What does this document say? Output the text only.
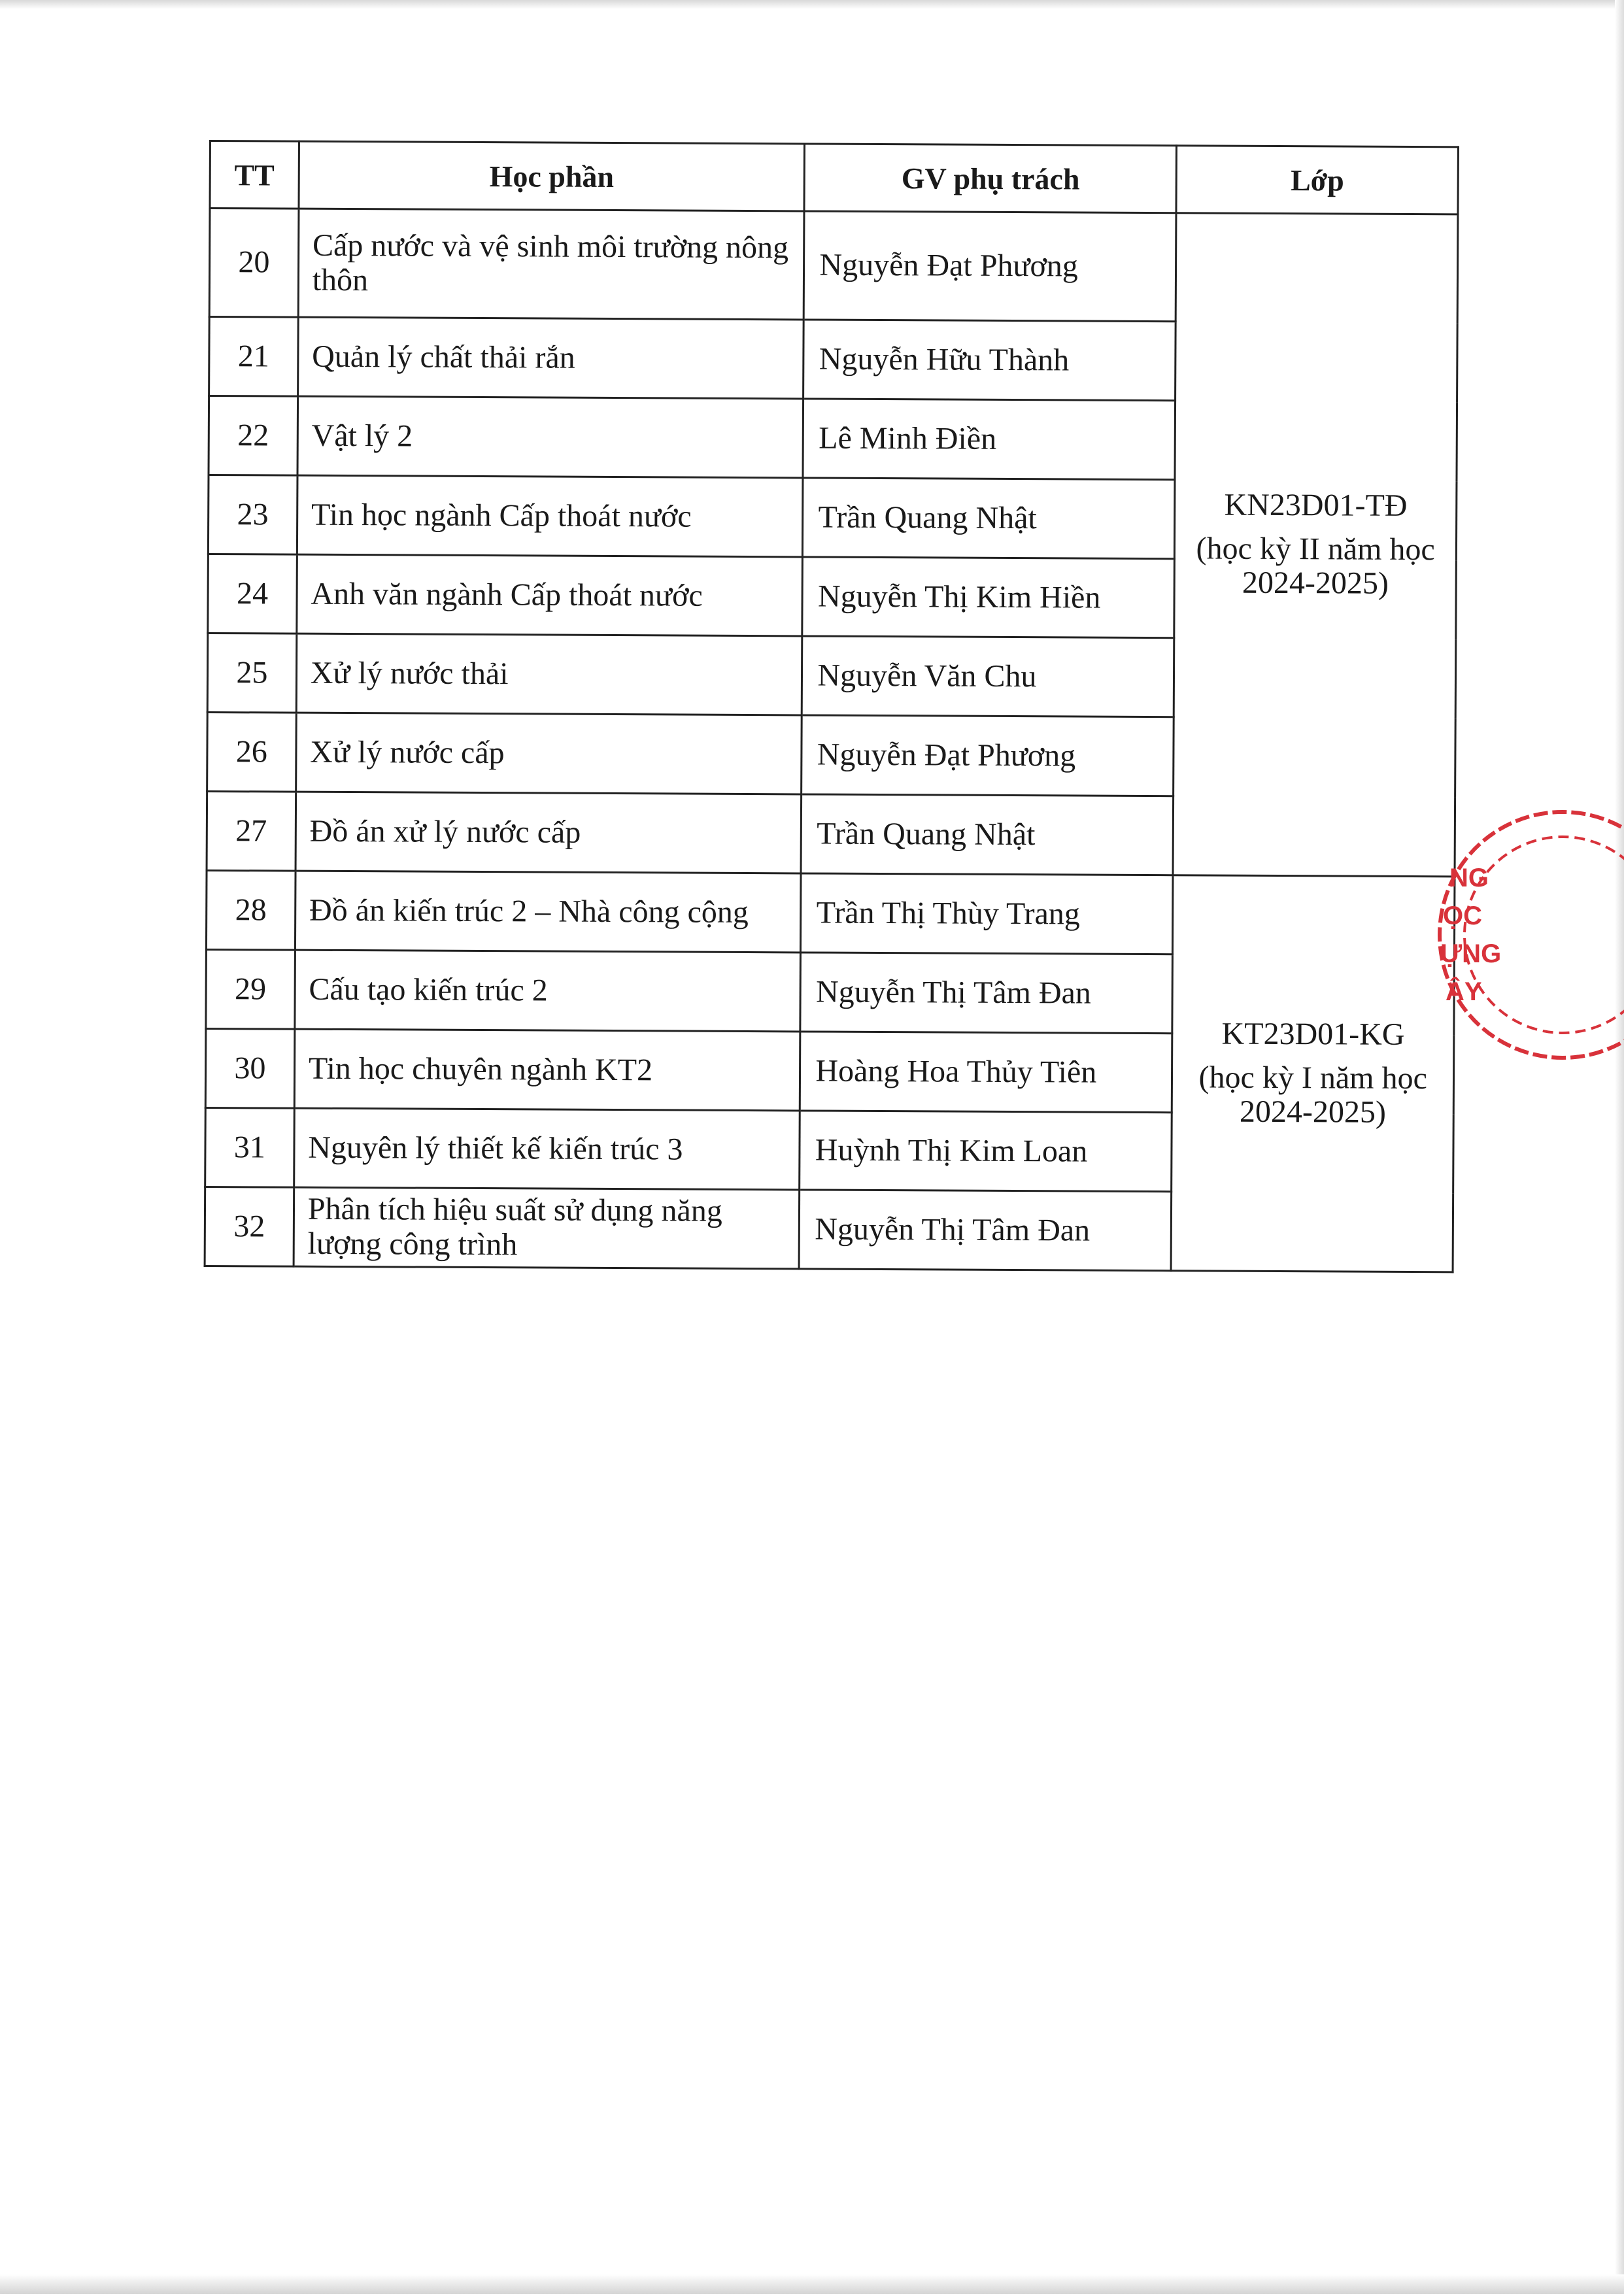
TT	Học phần	GV phụ trách	Lớp
20	Cấp nước và vệ sinh môi trường nông thôn	Nguyễn Đạt Phương	KN23D01-TĐ
(học kỳ II năm học 2024-2025)

21	Quản lý chất thải rắn	Nguyễn Hữu Thành	
22	Vật lý 2	Lê Minh Điền	
23	Tin học ngành Cấp thoát nước	Trần Quang Nhật	
24	Anh văn ngành Cấp thoát nước	Nguyễn Thị Kim Hiền	
25	Xử lý nước thải	Nguyễn Văn Chu	
26	Xử lý nước cấp	Nguyễn Đạt Phương	
27	Đồ án xử lý nước cấp	Trần Quang Nhật	
28	Đồ án kiến trúc 2 – Nhà công cộng	Trần Thị Thùy Trang	KT23D01-KG
(học kỳ I năm học 2024-2025)

29	Cấu tạo kiến trúc 2	Nguyễn Thị Tâm Đan	
30	Tin học chuyên ngành KT2	Hoàng Hoa Thủy Tiên	
31	Nguyên lý thiết kế kiến trúc 3	Huỳnh Thị Kim Loan	
32	Phân tích hiệu suất sử dụng năng lượng công trình	Nguyễn Thị Tâm Đan	
NG
ỌC
ỰNG
ÂY
